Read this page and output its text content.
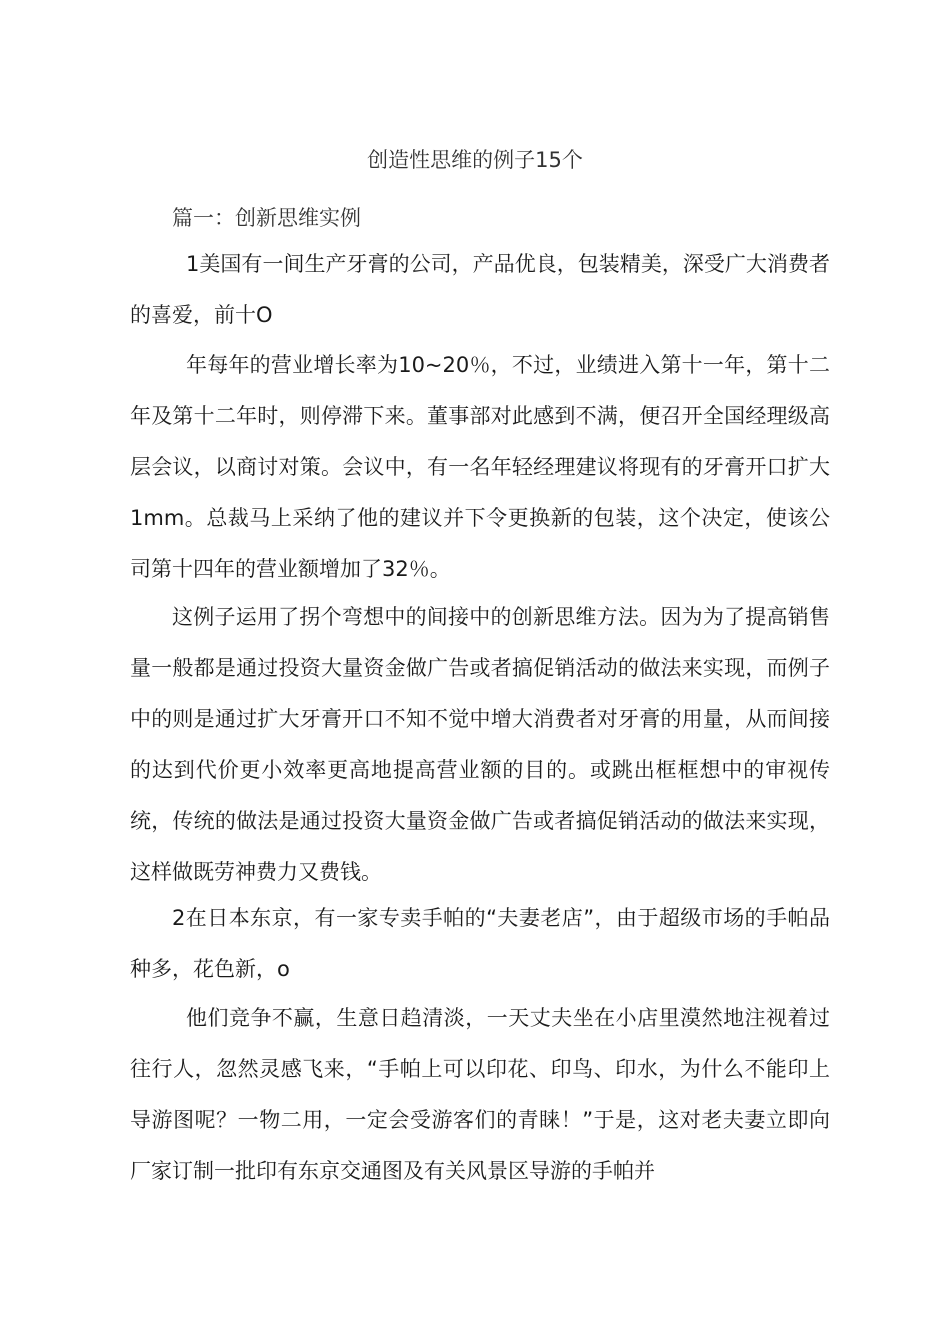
创造性思维的例子15个
篇一：创新思维实例
1美国有一间生产牙膏的公司，产品优良，包装精美，深受广大消费者的喜爱，前十O
年每年的营业增长率为10~20％，不过，业绩进入第十一年，第十二年及第十二年时，则停滞下来。董事部对此感到不满，便召开全国经理级高层会议，以商讨对策。会议中，有一名年轻经理建议将现有的牙膏开口扩大1mm。总裁马上采纳了他的建议并下令更换新的包装，这个决定，使该公司第十四年的营业额增加了32％。
这例子运用了拐个弯想中的间接中的创新思维方法。因为为了提高销售量一般都是通过投资大量资金做广告或者搞促销活动的做法来实现，而例子中的则是通过扩大牙膏开口不知不觉中增大消费者对牙膏的用量，从而间接的达到代价更小效率更高地提高营业额的目的。或跳出框框想中的审视传统，传统的做法是通过投资大量资金做广告或者搞促销活动的做法来实现，这样做既劳神费力又费钱。
2在日本东京，有一家专卖手帕的“夫妻老店”，由于超级市场的手帕品种多，花色新，o
他们竞争不赢，生意日趋清淡，一天丈夫坐在小店里漠然地注视着过往行人，忽然灵感飞来，“手帕上可以印花、印鸟、印水，为什么不能印上导游图呢？一物二用，一定会受游客们的青睐！”于是，这对老夫妻立即向厂家订制一批印有东京交通图及有关风景区导游的手帕并
